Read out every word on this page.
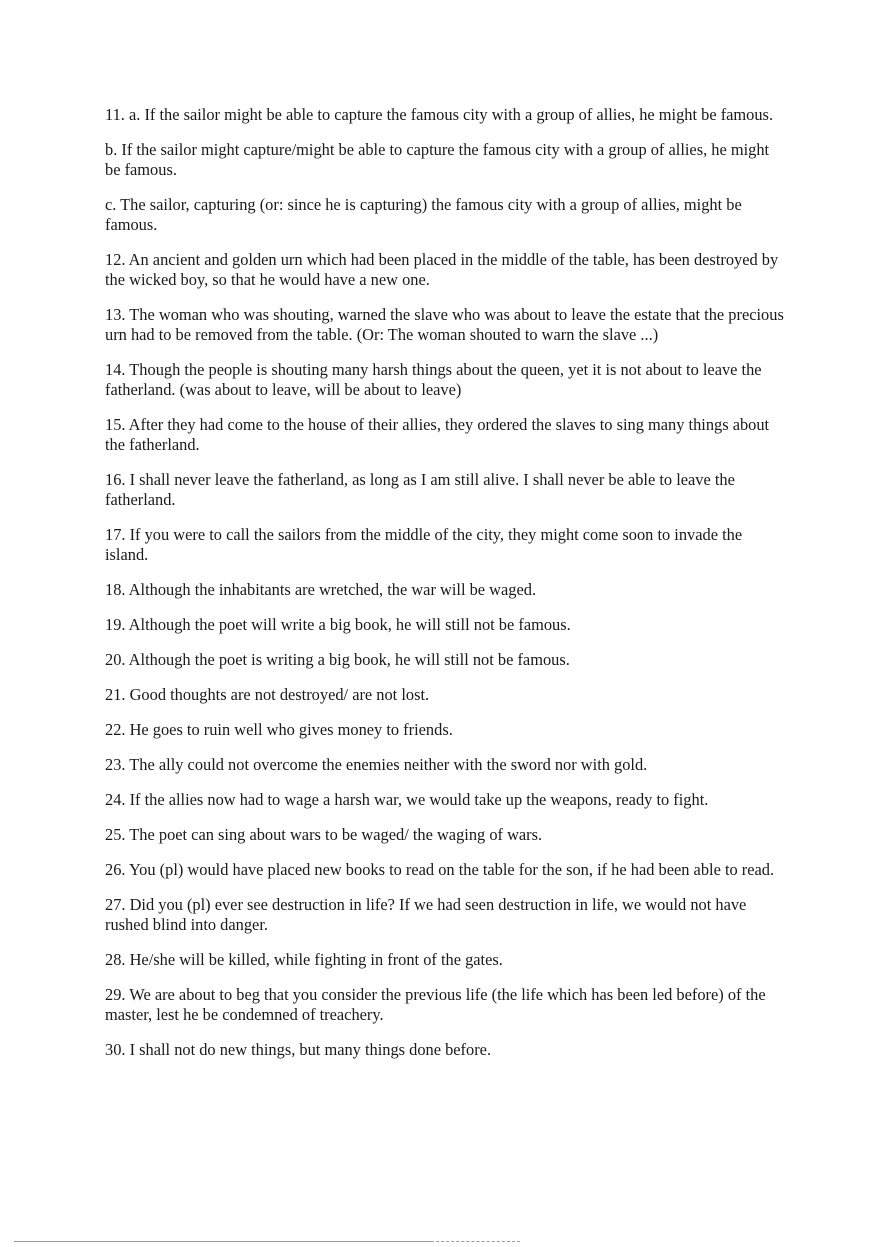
11. a. If the sailor might be able to capture the famous city with a group of allies, he might be famous.

b. If the sailor might capture/might be able to capture the famous city with a group of allies, he might be famous.

c. The sailor, capturing (or: since he is capturing) the famous city with a group of allies, might be famous.

12. An ancient and golden urn which had been placed in the middle of the table, has been destroyed by the wicked boy, so that he would have a new one.

13. The woman who was shouting, warned the slave who was about to leave the estate that the precious urn had to be removed from the table. (Or: The woman shouted to warn the slave ...)

14. Though the people is shouting many harsh things about the queen, yet it is not about to leave the fatherland. (was about to leave, will be about to leave)

15. After they had come to the house of their allies, they ordered the slaves to sing many things about the fatherland.

16. I shall never leave the fatherland, as long as I am still alive. I shall never be able to leave the fatherland.

17. If you were to call the sailors from the middle of the city, they might come soon to invade the island.

18. Although the inhabitants are wretched, the war will be waged.

19. Although the poet will write a big book, he will still not be famous.

20. Although the poet is writing a big book, he will still not be famous.

21. Good thoughts are not destroyed/ are not lost.

22. He goes to ruin well who gives money to friends.

23. The ally could not overcome the enemies neither with the sword nor with gold.

24. If the allies now had to wage a harsh war, we would take up the weapons, ready to fight.

25. The poet can sing about wars to be waged/ the waging of wars.

26. You (pl) would have placed new books to read on the table for the son, if he had been able to read.

27. Did you (pl) ever see destruction in life? If we had seen destruction in life, we would not have rushed blind into danger.

28. He/she will be killed, while fighting in front of the gates.

29. We are about to beg that you consider the previous life (the life which has been led before) of the master, lest he be condemned of treachery.

30. I shall not do new things, but many things done before.
